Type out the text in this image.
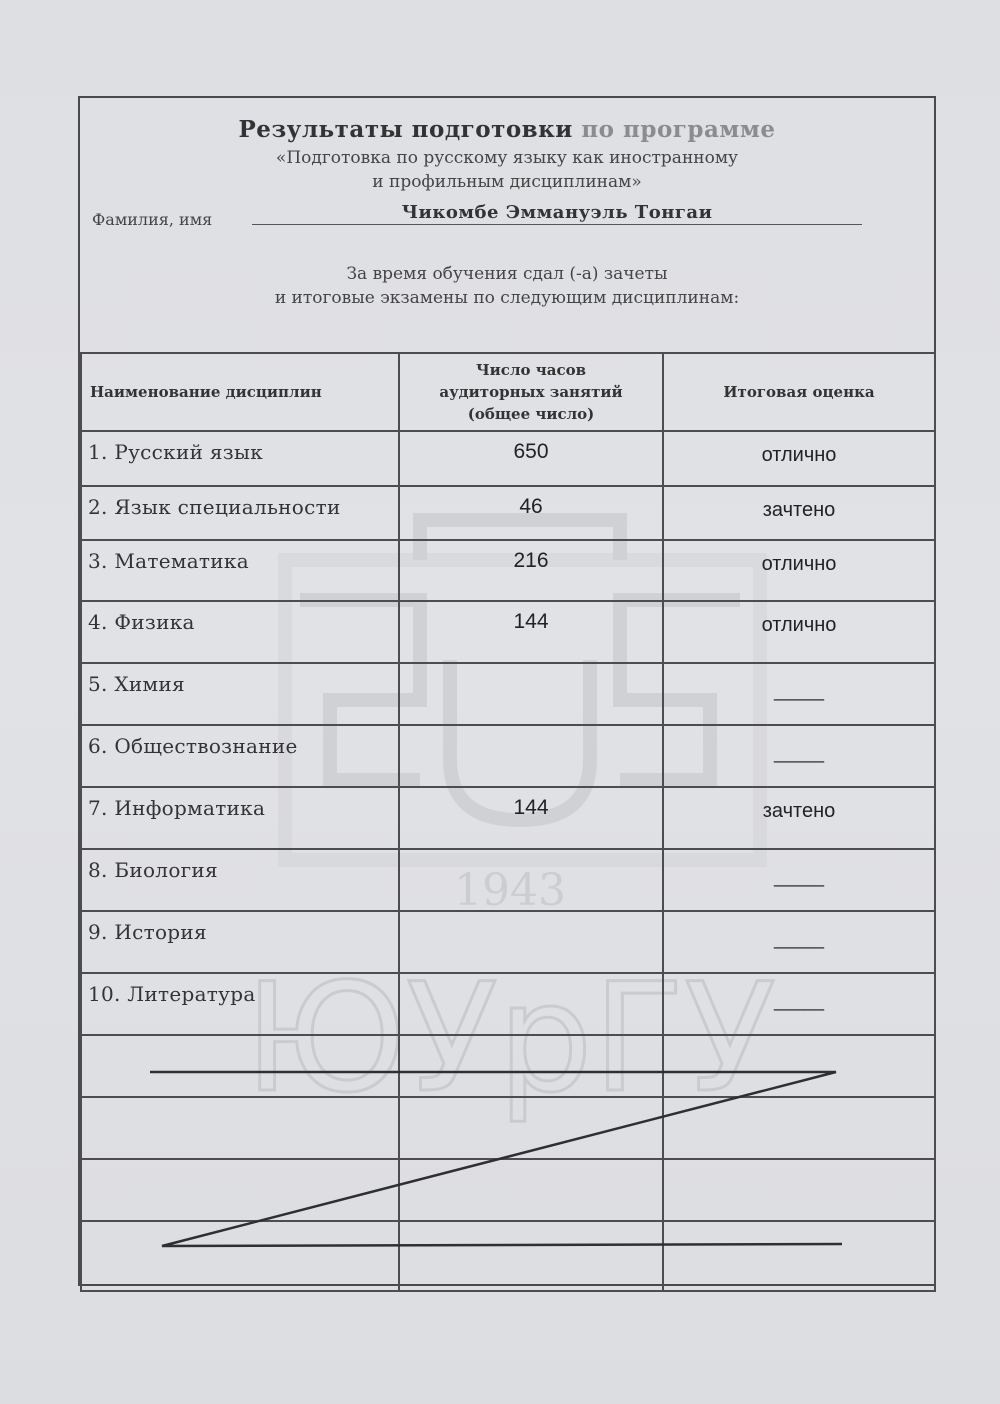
1943
ЮУрГУ
Результаты подготовки по программе
«Подготовка по русскому языку как иностранному
и профильным дисциплинам»
Фамилия, имя	Чикомбе Эммануэль Тонгаи
За время обучения сдал (-а) зачеты
и итоговые экзамены по следующим дисциплинам:
Наименование дисциплин	Число часов
аудиторных занятий
(общее число)	Итоговая оценка
1. Русский язык	650	отлично
2. Язык специальности	46	зачтено
3. Математика	216	отлично
4. Физика	144	отлично
5. Химия		_____
6. Обществознание		_____
7. Информатика	144	зачтено
8. Биология		_____
9. История		_____
10. Литература		_____
